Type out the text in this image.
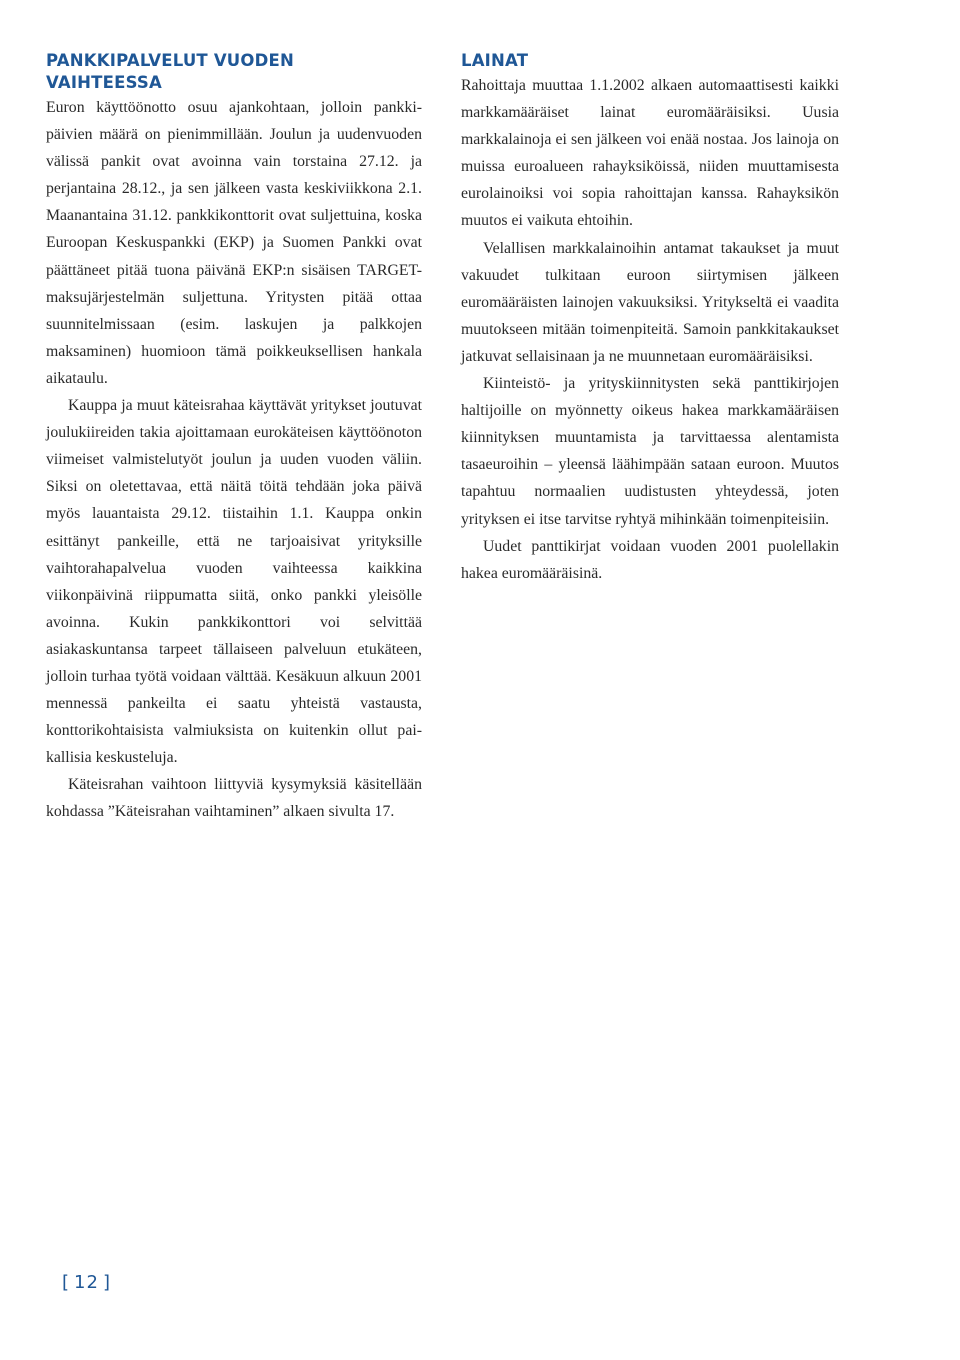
PANKKIPALVELUT VUODEN
VAIHTEESSA

Euron käyttöönotto osuu ajankohtaan, jolloin pankkipäivien määrä on pienimmillään. Joulun ja uudenvuoden välissä pankit ovat avoinna vain torstaina 27.12. ja perjantaina 28.12., ja sen jälkeen vasta keskiviikkona 2.1. Maanantaina 31.12. pankkikonttorit ovat suljettuina, koska Euroopan Keskuspankki (EKP) ja Suomen Pankki ovat päättäneet pitää tuona päivänä EKP:n sisäisen TARGET-maksujärjestelmän suljettuna. Yritysten pitää ottaa suunnitelmissaan (esim. laskujen ja palkkojen maksaminen) huomioon tämä poikkeuksellisen hankala aikataulu.

Kauppa ja muut käteisrahaa käyttävät yritykset joutuvat joulukiireiden takia ajoittamaan eurokäteisen käyttöönoton viimeiset valmistelutyöt joulun ja uuden vuoden väliin. Siksi on oletettavaa, että näitä töitä tehdään joka päivä myös lauantaista 29.12. tiistaihin 1.1. Kauppa onkin esittänyt pankeille, että ne tarjoaisivat yrityksille vaihtorahapalvelua vuoden vaihteessa kaikkina viikonpäivinä riippumatta siitä, onko pankki yleisölle avoinna. Kukin pankkikonttori voi selvittää asiakaskuntansa tarpeet tällaiseen palveluun etukäteen, jolloin turhaa työtä voidaan välttää. Kesäkuun alkuun 2001 mennessä pankeilta ei saatu yhteistä vastausta, konttorikohtaisista valmiuksista on kuitenkin ollut paikallisia keskusteluja.

Käteisrahan vaihtoon liittyviä kysymyksiä käsitellään kohdassa ”Käteisrahan vaihtaminen” alkaen sivulta 17.

LAINAT

Rahoittaja muuttaa 1.1.2002 alkaen automaattisesti kaikki markkamääräiset lainat euromääräisiksi. Uusia markkalainoja ei sen jälkeen voi enää nostaa. Jos lainoja on muissa euroalueen rahayksiköissä, niiden muuttamisesta eurolainoiksi voi sopia rahoittajan kanssa. Rahayksikön muutos ei vaikuta ehtoihin.

Velallisen markkalainoihin antamat takaukset ja muut vakuudet tulkitaan euroon siirtymisen jälkeen euromääräisten lainojen vakuuksiksi. Yritykseltä ei vaadita muutokseen mitään toimenpiteitä. Samoin pankkitakaukset jatkuvat sellaisinaan ja ne muunnetaan euromääräisiksi.

Kiinteistö- ja yrityskiinnitysten sekä panttikirjojen haltijoille on myönnetty oikeus hakea markkamääräisen kiinnityksen muuntamista ja tarvittaessa alentamista tasaeuroihin – yleensä läähimpään sataan euroon. Muutos tapahtuu normaalien uudistusten yhteydessä, joten yrityksen ei itse tarvitse ryhtyä mihinkään toimenpiteisiin.

Uudet panttikirjat voidaan vuoden 2001 puolellakin hakea euromääräisinä.

[ 12 ]
